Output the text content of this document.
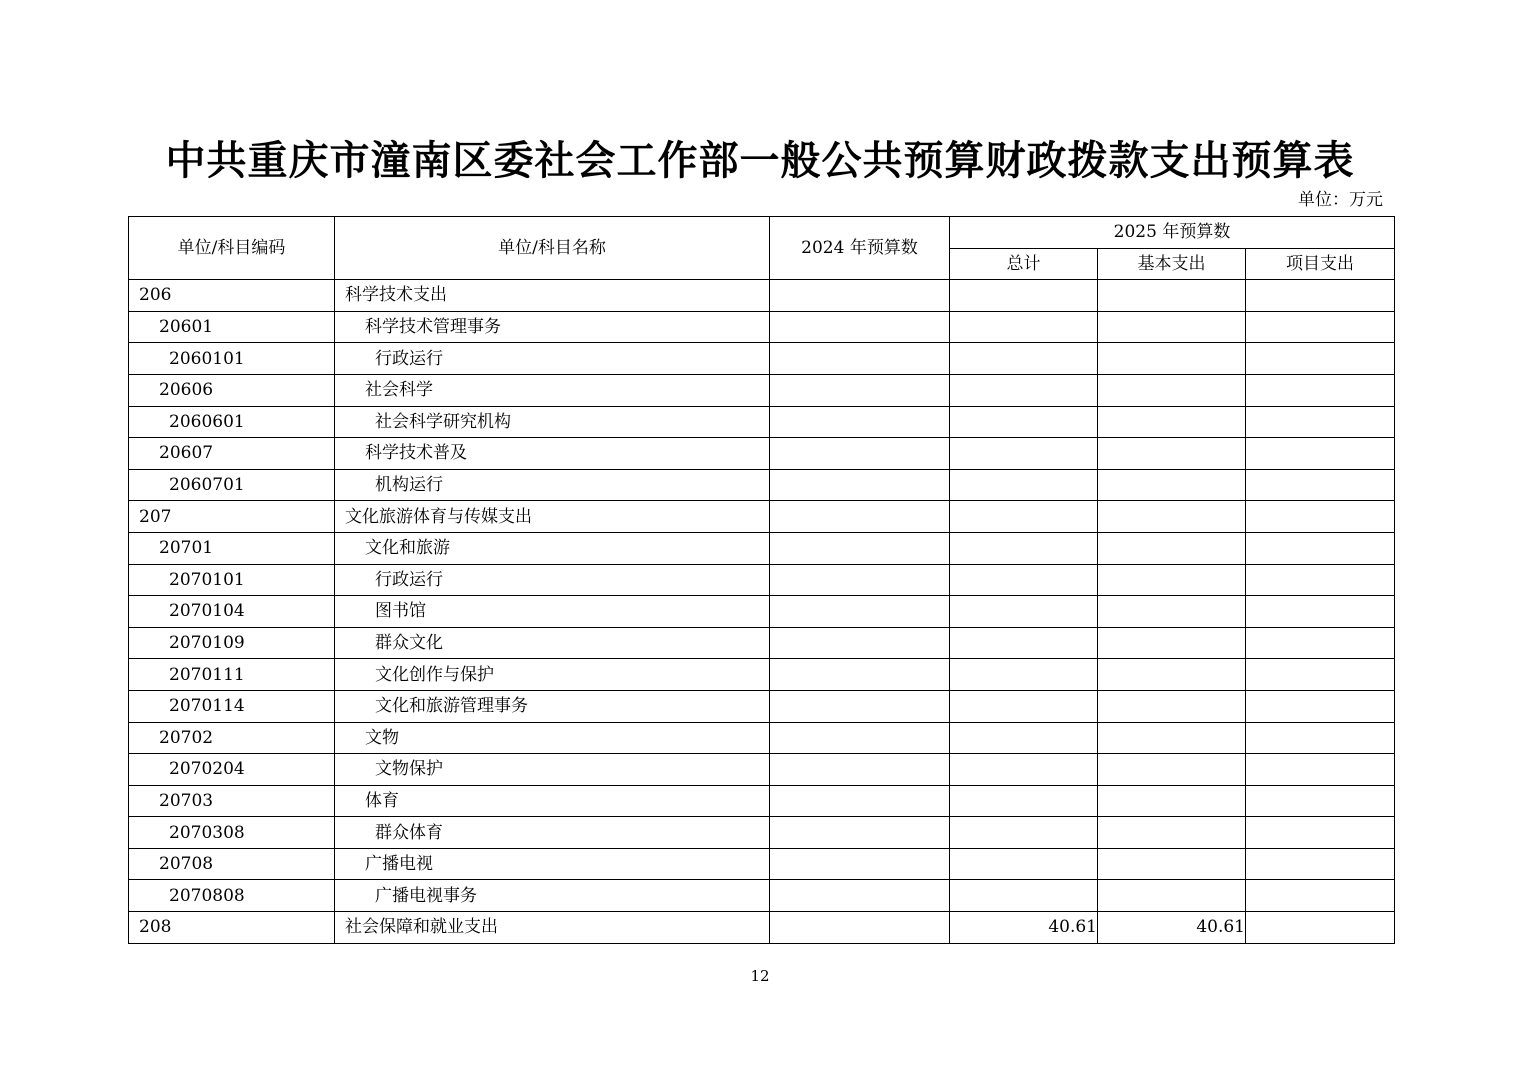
中共重庆市潼南区委社会工作部一般公共预算财政拨款支出预算表
单位：万元
单位/科目编码	单位/科目名称	2024 年预算数	2025 年预算数		
			总计	基本支出	项目支出
206	科学技术支出				
20601	科学技术管理事务				
2060101	行政运行				
20606	社会科学				
2060601	社会科学研究机构				
20607	科学技术普及				
2060701	机构运行				
207	文化旅游体育与传媒支出				
20701	文化和旅游				
2070101	行政运行				
2070104	图书馆				
2070109	群众文化				
2070111	文化创作与保护				
2070114	文化和旅游管理事务				
20702	文物				
2070204	文物保护				
20703	体育				
2070308	群众体育				
20708	广播电视				
2070808	广播电视事务				
208	社会保障和就业支出		40.61	40.61	
12
